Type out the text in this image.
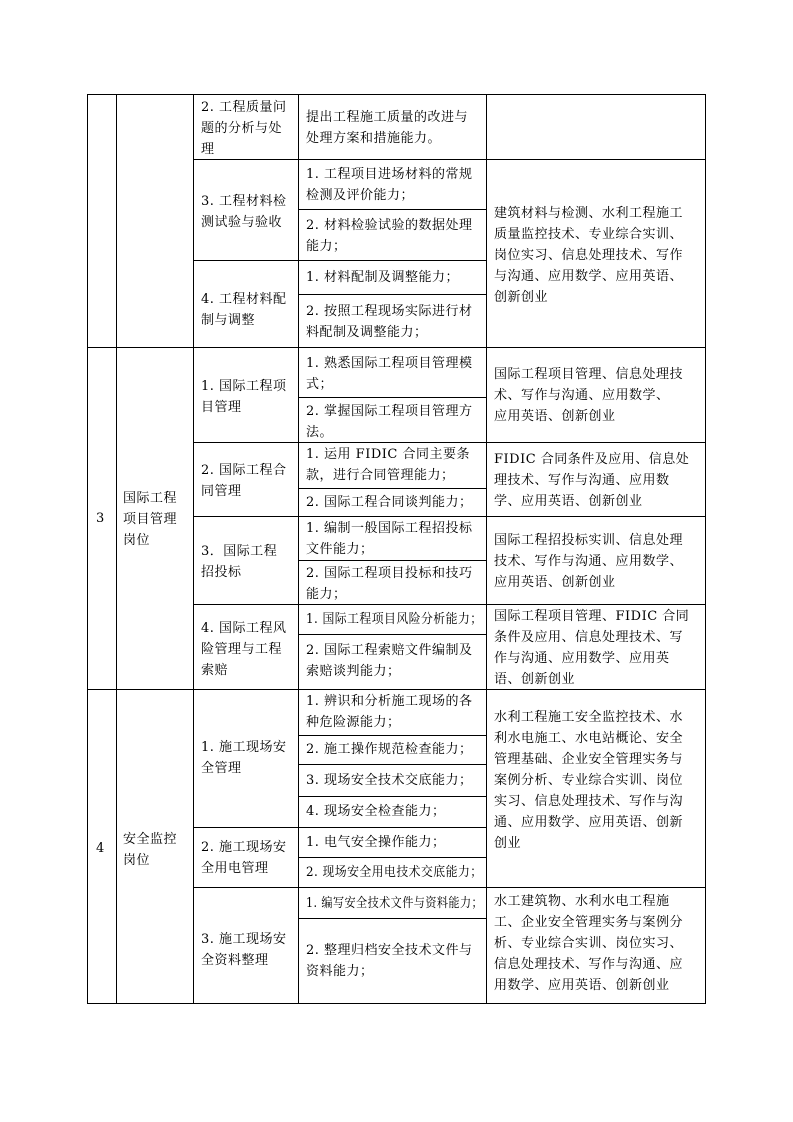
2. 工程质量问
题的分析与处
理
提出工程施工质量的改进与
处理方案和措施能力。
3. 工程材料检
测试验与验收
1. 工程项目进场材料的常规
检测及评价能力；
2. 材料检验试验的数据处理
能力；
4. 工程材料配
制与调整
1. 材料配制及调整能力；
2. 按照工程现场实际进行材
料配制及调整能力；
建筑材料与检测、水利工程施工
质量监控技术、专业综合实训、
岗位实习、信息处理技术、写作
与沟通、应用数学、应用英语、
创新创业
3
国际工程
项目管理
岗位
1. 国际工程项
目管理
1. 熟悉国际工程项目管理模
式；
2. 掌握国际工程项目管理方
法。
国际工程项目管理、信息处理技
术、写作与沟通、应用数学、
应用英语、创新创业
2. 国际工程合
同管理
1. 运用 FIDIC 合同主要条
款，进行合同管理能力；
2. 国际工程合同谈判能力；
FIDIC 合同条件及应用、信息处
理技术、写作与沟通、应用数
学、应用英语、创新创业
3．国际工程
招投标
1. 编制一般国际工程招投标
文件能力；
2. 国际工程项目投标和技巧
能力；
国际工程招投标实训、信息处理
技术、写作与沟通、应用数学、
应用英语、创新创业
4. 国际工程风
险管理与工程
索赔
1. 国际工程项目风险分析能力；
2. 国际工程索赔文件编制及
索赔谈判能力；
国际工程项目管理、FIDIC 合同
条件及应用、信息处理技术、写
作与沟通、应用数学、应用英
语、创新创业
4
安全监控
岗位
1. 施工现场安
全管理
1. 辨识和分析施工现场的各
种危险源能力；
2. 施工操作规范检查能力；
3. 现场安全技术交底能力；
4. 现场安全检查能力；
2. 施工现场安
全用电管理
1. 电气安全操作能力；
2. 现场安全用电技术交底能力；
水利工程施工安全监控技术、水
利水电施工、水电站概论、安全
管理基础、企业安全管理实务与
案例分析、专业综合实训、岗位
实习、信息处理技术、写作与沟
通、应用数学、应用英语、创新
创业
3. 施工现场安
全资料整理
1. 编写安全技术文件与资料能力；
2. 整理归档安全技术文件与
资料能力；
水工建筑物、水利水电工程施
工、企业安全管理实务与案例分
析、专业综合实训、岗位实习、
信息处理技术、写作与沟通、应
用数学、应用英语、创新创业
